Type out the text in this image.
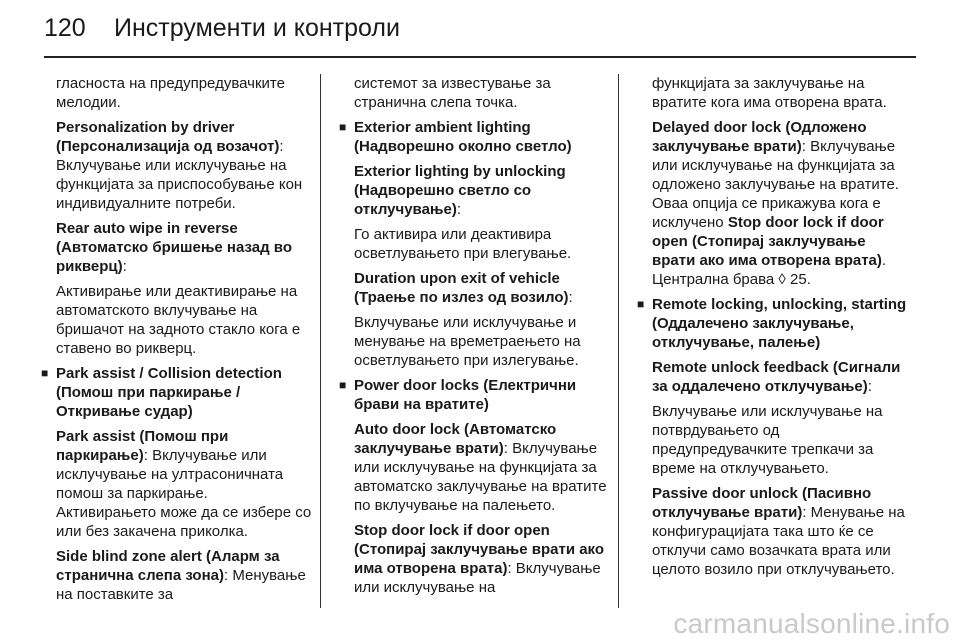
120 Инструменти и контроли

гласноста на предупредувачките мелодии.

Personalization by driver (Персонализација од возачот): Вклучување или исклучување на функцијата за приспособување кон индивидуалните потреби.

Rear auto wipe in reverse (Автоматско бришење назад во рикверц):

Активирање или деактивирање на автоматското вклучување на бришачот на задното стакло кога е ставено во рикверц.

■ Park assist / Collision detection (Помош при паркирање / Откривање судар)

Park assist (Помош при паркирање): Вклучување или исклучување на ултрасоничната помош за паркирање. Активирањето може да се избере со или без закачена приколка.

Side blind zone alert (Аларм за странична слепа зона): Менување на поставките за

системот за известување за странична слепа точка.

■ Exterior ambient lighting (Надворешно околно светло)

Exterior lighting by unlocking (Надворешно светло со отклучување):

Го активира или деактивира осветлувањето при влегување.

Duration upon exit of vehicle (Траење по излез од возило):

Вклучување или исклучување и менување на времетраењето на осветлувањето при излегување.

■ Power door locks (Електрични брави на вратите)

Auto door lock (Автоматско заклучување врати): Вклучување или исклучување на функцијата за автоматско заклучување на вратите по вклучување на палењето.

Stop door lock if door open (Стопирај заклучување врати ако има отворена врата): Вклучување или исклучување на

функцијата за заклучување на вратите кога има отворена врата.

Delayed door lock (Одложено заклучување врати): Вклучување или исклучување на функцијата за одложено заклучување на вратите. Оваа опција се прикажува кога е исклучено Stop door lock if door open (Стопирај заклучување врати ако има отворена врата). Централна брава ◊ 25.

■ Remote locking, unlocking, starting (Оддалечено заклучување, отклучување, палење)

Remote unlock feedback (Сигнали за оддалечено отклучување):

Вклучување или исклучување на потврдувањето од предупредувачките трепкачи за време на отклучувањето.

Passive door unlock (Пасивно отклучување врати): Менување на конфигурацијата така што ќе се отклучи само возачката врата или целото возило при отклучувањето.

carmanualsonline.info
